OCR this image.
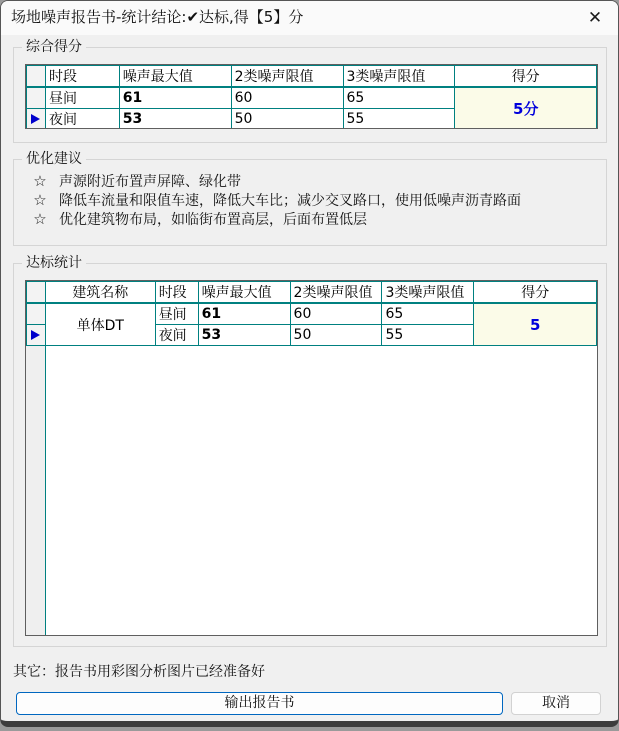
场地噪声报告书-统计结论:✔达标,得【5】分	✕
综合得分
	时段	噪声最大值	2类噪声限值	3类噪声限值	得分
	昼间	61	60	65	5分
	夜间	53	50	55	
优化建议
☆ 声源附近布置声屏障、绿化带
☆ 降低车流量和限值车速，降低大车比；减少交叉路口，使用低噪声沥青路面
☆ 优化建筑物布局，如临街布置高层，后面布置低层
达标统计
	建筑名称	时段	噪声最大值	2类噪声限值	3类噪声限值	得分
	单体DT	昼间	61	60	65	5
		夜间	53	50	55	
其它：报告书用彩图分析图片已经准备好
输出报告书	取消
